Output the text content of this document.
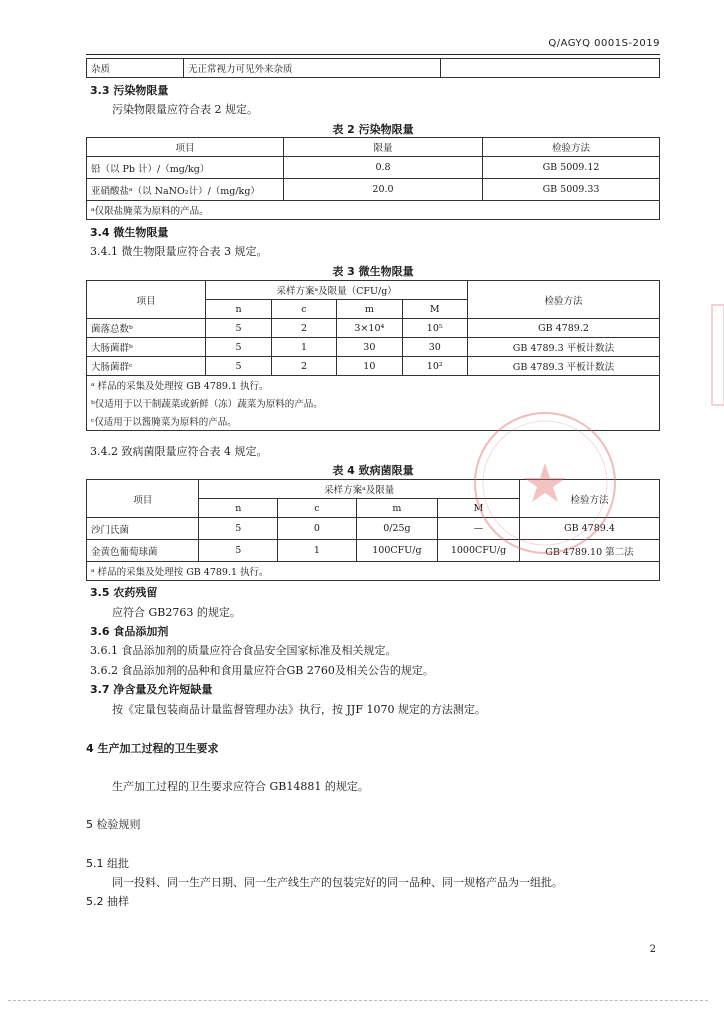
Q/AGYQ 0001S-2019
杂质	无正常视力可见外来杂质	
3.3 污染物限量
污染物限量应符合表 2 规定。
表 2 污染物限量
项目	限量	检验方法
铅（以 Pb 计）/（mg/kg）	0.8	GB 5009.12
亚硝酸盐ᵃ（以 NaNO₂计）/（mg/kg）	20.0	GB 5009.33
ᵃ仅限盐腌菜为原料的产品。		
3.4 微生物限量
3.4.1 微生物限量应符合表 3 规定。
表 3 微生物限量
项目	采样方案ᵃ及限量（CFU/g）				检验方法
	n	c	m	M	
菌落总数ᵇ	5	2	3×10⁴	10⁵	GB 4789.2
大肠菌群ᵇ	5	1	30	30	GB 4789.3 平板计数法
大肠菌群ᶜ	5	2	10	10²	GB 4789.3 平板计数法
ᵃ 样品的采集及处理按 GB 4789.1 执行。					
ᵇ仅适用于以干制蔬菜或新鲜（冻）蔬菜为原料的产品。					
ᶜ仅适用于以酱腌菜为原料的产品。					
3.4.2 致病菌限量应符合表 4 规定。
表 4 致病菌限量
项目	采样方案ᵃ及限量				检验方法
	n	c	m	M	
沙门氏菌	5	0	0/25g	—	GB 4789.4
金黄色葡萄球菌	5	1	100CFU/g	1000CFU/g	GB 4789.10 第二法
ᵃ 样品的采集及处理按 GB 4789.1 执行。					
3.5 农药残留
应符合 GB2763 的规定。
3.6 食品添加剂
3.6.1 食品添加剂的质量应符合食品安全国家标准及相关规定。
3.6.2 食品添加剂的品种和食用量应符合GB 2760及相关公告的规定。
3.7 净含量及允许短缺量
按《定量包装商品计量监督管理办法》执行，按 JJF 1070 规定的方法测定。
4 生产加工过程的卫生要求
生产加工过程的卫生要求应符合 GB14881 的规定。
5 检验规则
5.1 组批
同一投料、同一生产日期、同一生产线生产的包装完好的同一品种、同一规格产品为一组批。
5.2 抽样
2
